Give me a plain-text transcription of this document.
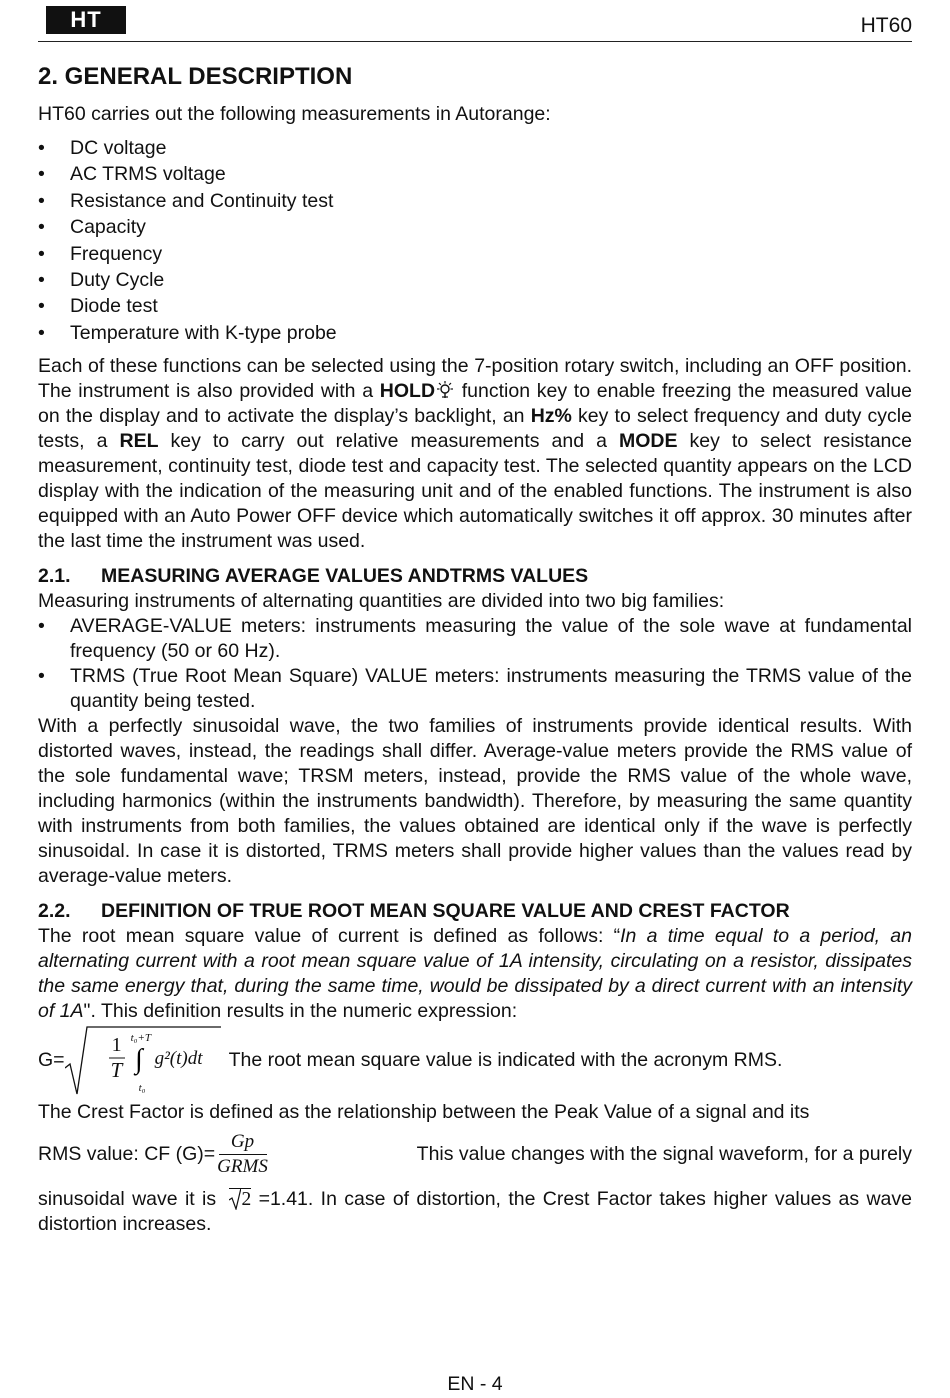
HT	HT60
2. GENERAL DESCRIPTION

HT60 carries out the following measurements in Autorange:

• DC voltage
• AC TRMS voltage
• Resistance and Continuity test
• Capacity
• Frequency
• Duty Cycle
• Diode test
• Temperature with K-type probe

Each of these functions can be selected using the 7-position rotary switch, including an OFF position. The instrument is also provided with a HOLD function key to enable freezing the measured value on the display and to activate the display’s backlight, an Hz% key to select frequency and duty cycle tests, a REL key to carry out relative measurements and a MODE key to select resistance measurement, continuity test, diode test and capacity test. The selected quantity appears on the LCD display with the indication of the measuring unit and of the enabled functions. The instrument is also equipped with an Auto Power OFF device which automatically switches it off approx. 30 minutes after the last time the instrument was used.

2.1. MEASURING AVERAGE VALUES ANDTRMS VALUES

Measuring instruments of alternating quantities are divided into two big families:

• AVERAGE-VALUE meters: instruments measuring the value of the sole wave at fundamental frequency (50 or 60 Hz).
• TRMS (True Root Mean Square) VALUE meters: instruments measuring the TRMS value of the quantity being tested.

With a perfectly sinusoidal wave, the two families of instruments provide identical results. With distorted waves, instead, the readings shall differ. Average-value meters provide the RMS value of the sole fundamental wave; TRSM meters, instead, provide the RMS value of the whole wave, including harmonics (within the instruments bandwidth). Therefore, by measuring the same quantity with instruments from both families, the values obtained are identical only if the wave is perfectly sinusoidal. In case it is distorted, TRMS meters shall provide higher values than the values read by average-value meters.

2.2. DEFINITION OF TRUE ROOT MEAN SQUARE VALUE AND CREST FACTOR

The root mean square value of current is defined as follows: “In a time equal to a period, an alternating current with a root mean square value of 1A intensity, circulating on a resistor, dissipates the same energy that, during the same time, would be dissipated by a direct current with an intensity of 1A". This definition results in the numeric expression:

G=	∫
1
T
t₀+T
t₀
g²(t)dt The root mean square value is indicated with the acronym RMS.

The Crest Factor is defined as the relationship between the Peak Value of a signal and its

RMS value: CF (G)=
Gp
GRMS
This value changes with the signal waveform, for a purely

sinusoidal wave it is
2 =1.41. In case of distortion, the Crest Factor takes higher values as wave distortion increases.

EN - 4
